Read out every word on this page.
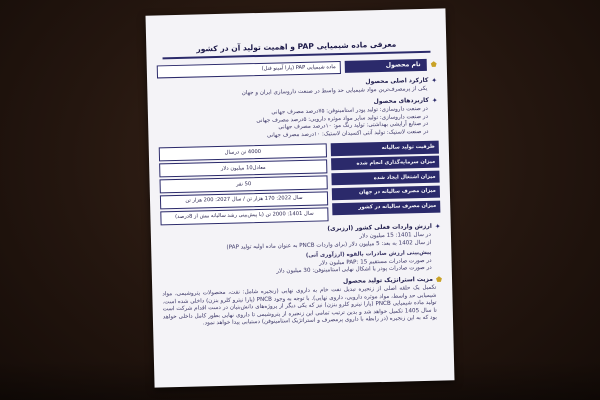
معرفی ماده شیمیایی PAP و اهمیت تولید آن در کشور
⬟
نام محصول
ماده شیمیایی PAP (پارا آمینو فنل)
✦
کارکرد اصلی محصول
یکی از پرمصرف‌ترین مواد شیمیایی حد واسط در صنعت داروسازی ایران و جهان
✦
کاربردهای محصول
در صنعت داروسازی: تولید پودر استامینوفن: ۷۵درصد مصرف جهانی
در صنعت داروسازی: تولید سایر مواد موثره دارویی: ۵درصد مصرف جهانی
در صنایع آرایشی بهداشتی: تولید رنگ مو: ۱۰درصد مصرف جهانی
در صنعت لاستیک: تولید آنتی اکسیدان لاستیک: ۱۰درصد مصرف جهانی
ظرفیت تولید سالیانه
میزان سرمایه‌گذاری انجام شده
میزان اشتغال ایجاد شده
میزان مصرف سالیانه در جهان
میزان مصرف سالیانه در کشور
4000 تن درسال
معادل10 میلیون دلار
50 نفر
سال 2022: 170 هزار تن / سال 2027: 200 هزار تن
سال 1401: 2000 تن (با پیش‌بینی رشد سالیانه بیش از 8درصد)
✦
ارزش واردات فعلی کشور (ارزبری)
در سال 1401: 15 میلیون دلار
از سال 1402 به بعد: 5 میلیون دلار (برای واردات PNCB به عنوان ماده اولیه تولید PAP)
پیش‌بینی ارزش صادرات بالقوه (ارزآوری آتی)
در صورت صادرات مستقیم PAP: 15 میلیون دلار
در صورت صادرات پودر یا اشکال نهایی استامینوفن: 30 میلیون دلار
⬟
مزیت استراتژیک تولید محصول
تکمیل یک حلقه اصلی از زنجیره تبدیل نفت خام به داروی نهایی (زنجیره شامل: نفت، محصولات پتروشیمی، مواد شیمیایی حد واسط، مواد موثره دارویی، داروی نهایی). با توجه به وجود PNCB (پارا نیترو کلرو بنزن) داخلی شده است. تولید ماده شیمیایی PNCB (پارا نیترو کلرو بنزن) نیز که یکی دیگر از پروژه‌های دانش‌بنیان در دست اقدام شرکت است تا سال 1405 تکمیل خواهد شد و بدین ترتیب تمامی این زنجیره از پتروشیمی تا داروی نهایی بطور کامل داخلی خواهد بود که به این زنجیره (در رابطه با داروی پرمصرف و استراتژیک استامینوفن) دستیابی پیدا خواهد نمود.
